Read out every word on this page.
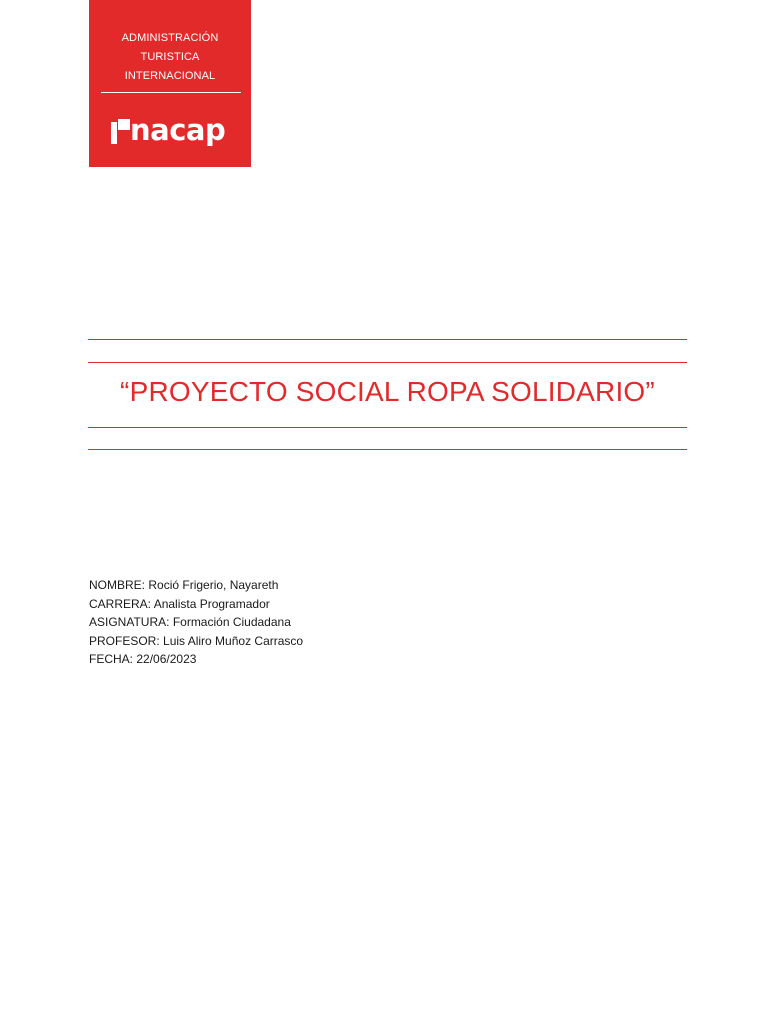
ADMINISTRACIÓN
TURISTICA
INTERNACIONAL
nacap
“PROYECTO SOCIAL ROPA SOLIDARIO”
NOMBRE: Roció Frigerio, Nayareth
CARRERA: Analista Programador
ASIGNATURA: Formación Ciudadana
PROFESOR: Luis Aliro Muñoz Carrasco
FECHA: 22/06/2023
